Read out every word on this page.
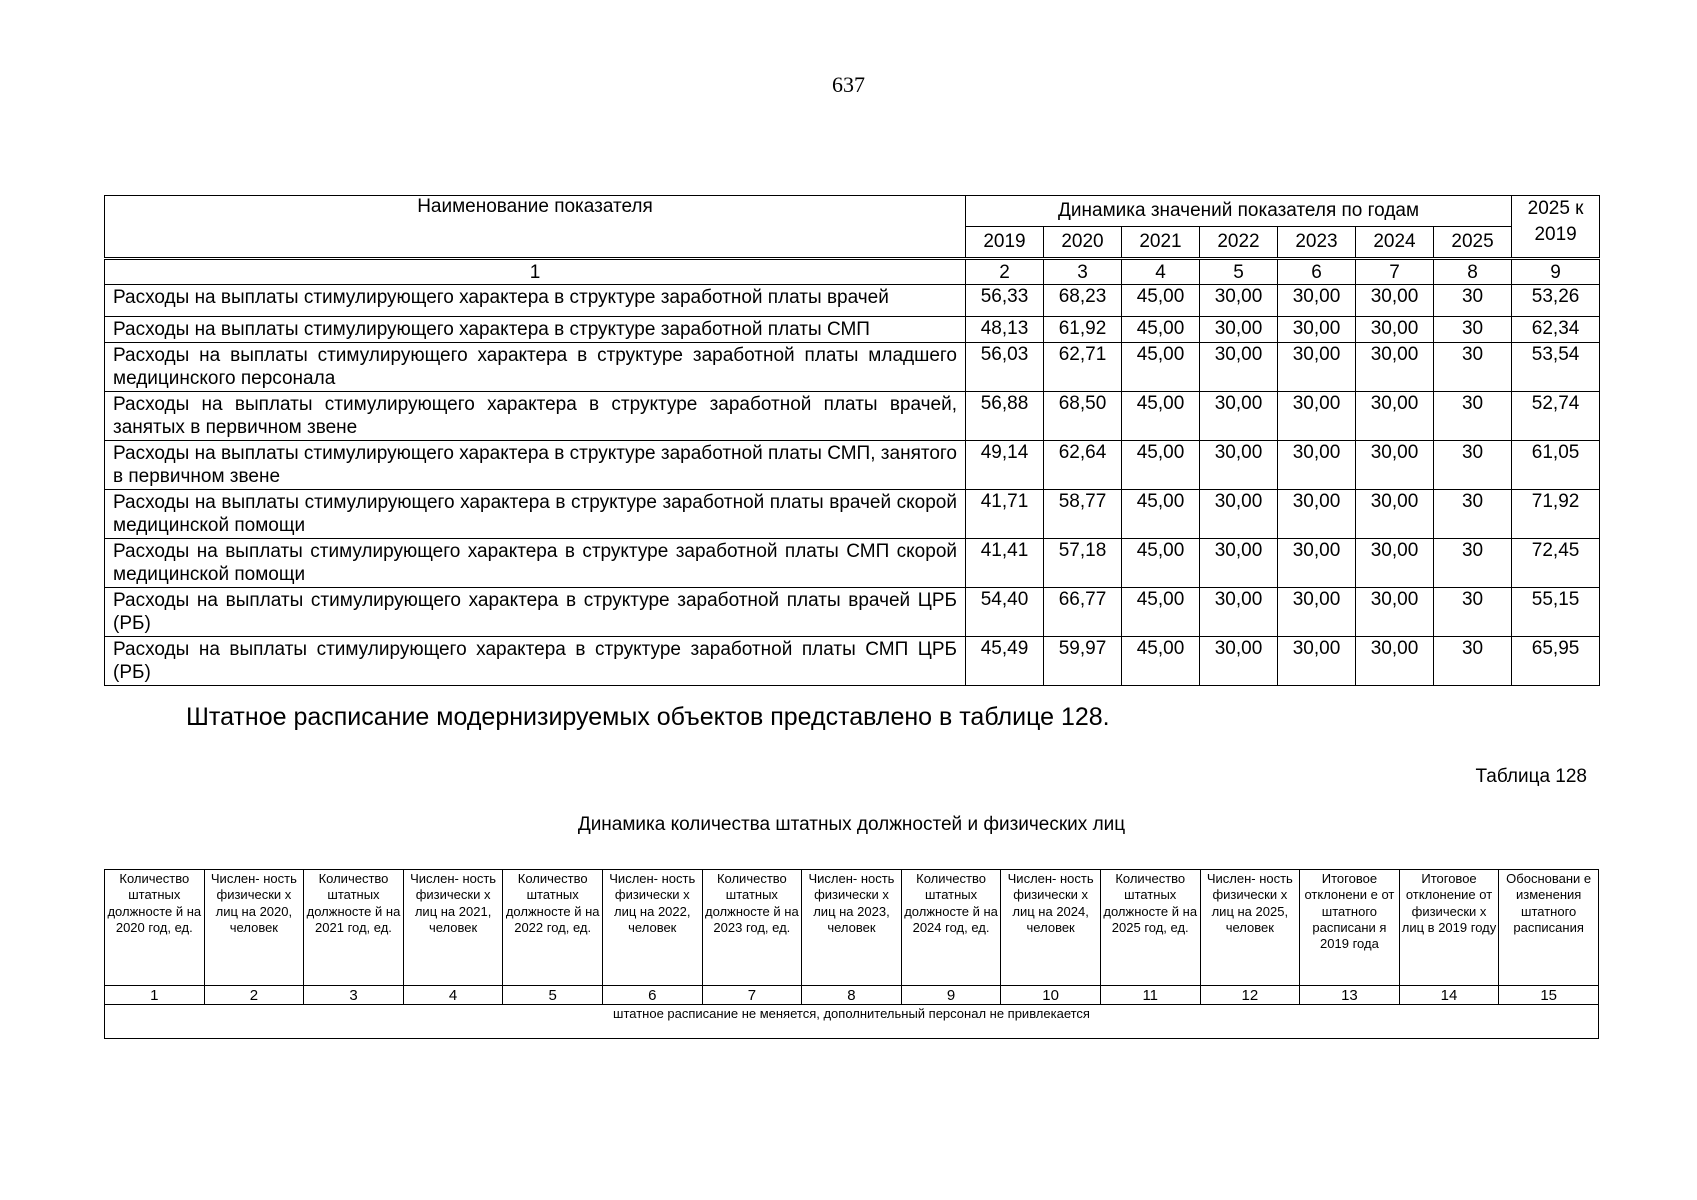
637
Наименование показателя	Динамика значений показателя по годам							2025 к 2019
	2019	2020	2021	2022	2023	2024	2025	
1	2	3	4	5	6	7	8	9
Расходы на выплаты стимулирующего характера в структуре заработной платы врачей	56,33	68,23	45,00	30,00	30,00	30,00	30	53,26
Расходы на выплаты стимулирующего характера в структуре заработной платы СМП	48,13	61,92	45,00	30,00	30,00	30,00	30	62,34
Расходы на выплаты стимулирующего характера в структуре заработной платы младшего медицинского персонала	56,03	62,71	45,00	30,00	30,00	30,00	30	53,54
Расходы на выплаты стимулирующего характера в структуре заработной платы врачей, занятых в первичном звене	56,88	68,50	45,00	30,00	30,00	30,00	30	52,74
Расходы на выплаты стимулирующего характера в структуре заработной платы СМП, занятого в первичном звене	49,14	62,64	45,00	30,00	30,00	30,00	30	61,05
Расходы на выплаты стимулирующего характера в структуре заработной платы врачей скорой медицинской помощи	41,71	58,77	45,00	30,00	30,00	30,00	30	71,92
Расходы на выплаты стимулирующего характера в структуре заработной платы СМП скорой медицинской помощи	41,41	57,18	45,00	30,00	30,00	30,00	30	72,45
Расходы на выплаты стимулирующего характера в структуре заработной платы врачей ЦРБ (РБ)	54,40	66,77	45,00	30,00	30,00	30,00	30	55,15
Расходы на выплаты стимулирующего характера в структуре заработной платы СМП ЦРБ (РБ)	45,49	59,97	45,00	30,00	30,00	30,00	30	65,95
Штатное расписание модернизируемых объектов представлено в таблице 128.
Таблица 128
Динамика количества штатных должностей и физических лиц
Количество штатных должносте й на 2020 год, ед.	Числен- ность физически х лиц на 2020, человек	Количество штатных должносте й на 2021 год, ед.	Числен- ность физически х лиц на 2021, человек	Количество штатных должносте й на 2022 год, ед.	Числен- ность физически х лиц на 2022, человек	Количество штатных должносте й на 2023 год, ед.	Числен- ность физически х лиц на 2023, человек	Количество штатных должносте й на 2024 год, ед.	Числен- ность физически х лиц на 2024, человек	Количество штатных должносте й на 2025 год, ед.	Числен- ность физически х лиц на 2025, человек	Итоговое отклонени е от штатного расписани я 2019 года	Итоговое отклонение от физически х лиц в 2019 году	Обосновани е изменения штатного расписания
1	2	3	4	5	6	7	8	9	10	11	12	13	14	15
штатное расписание не меняется, дополнительный персонал не привлекается														
